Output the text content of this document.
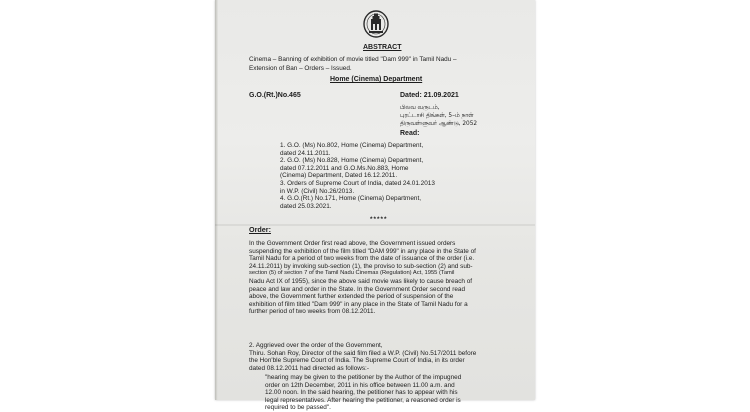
ABSTRACT
Cinema – Banning of exhibition of movie titled "Dam 999" in Tamil Nadu –
Extension of Ban – Orders – Issued.
Home (Cinema) Department
G.O.(Rt.)No.465	Dated: 21.09.2021
பிலவ வருடம்,
புரட்டாசி திங்கள், 5–ம் நாள்
திருவள்ளுவர் ஆண்டு, 2052
Read:
1. G.O. (Ms) No.802, Home (Cinema) Department,
dated 24.11.2011.
2. G.O. (Ms) No.828, Home (Cinema) Department,
dated 07.12.2011 and G.O.Ms.No.883, Home
(Cinema) Department, Dated 16.12.2011.
3. Orders of Supreme Court of India, dated 24.01.2013
in W.P. (Civil) No.26/2013.
4. G.O.(Rt.) No.171, Home (Cinema) Department,
dated 25.03.2021.
*****
Order:
In the Government Order first read above, the Government issued orders
suspending the exhibition of the film titled "DAM 999" in any place in the State of
Tamil Nadu for a period of two weeks from the date of issuance of the order (i.e.
24.11.2011) by invoking sub-section (1), the proviso to sub-section (2) and sub-
section (5) of section 7 of the Tamil Nadu Cinemas (Regulation) Act, 1955 (Tamil
Nadu Act IX of 1955), since the above said movie was likely to cause breach of
peace and law and order in the State. In the Government Order second read
above, the Government further extended the period of suspension of the
exhibition of film titled "Dam 999" in any place in the State of Tamil Nadu for a
further period of two weeks from 08.12.2011.
2. Aggrieved over the order of the Government,
Thiru. Sohan Roy, Director of the said film filed a W.P. (Civil) No.517/2011 before
the Hon'ble Supreme Court of India. The Supreme Court of India, in its order
dated 08.12.2011 had directed as follows:-
"hearing may be given to the petitioner by the Author of the impugned
order on 12th December, 2011 in his office between 11.00 a.m. and
12.00 noon. In the said hearing, the petitioner has to appear with his
legal representatives. After hearing the petitioner, a reasoned order is
required to be passed".
